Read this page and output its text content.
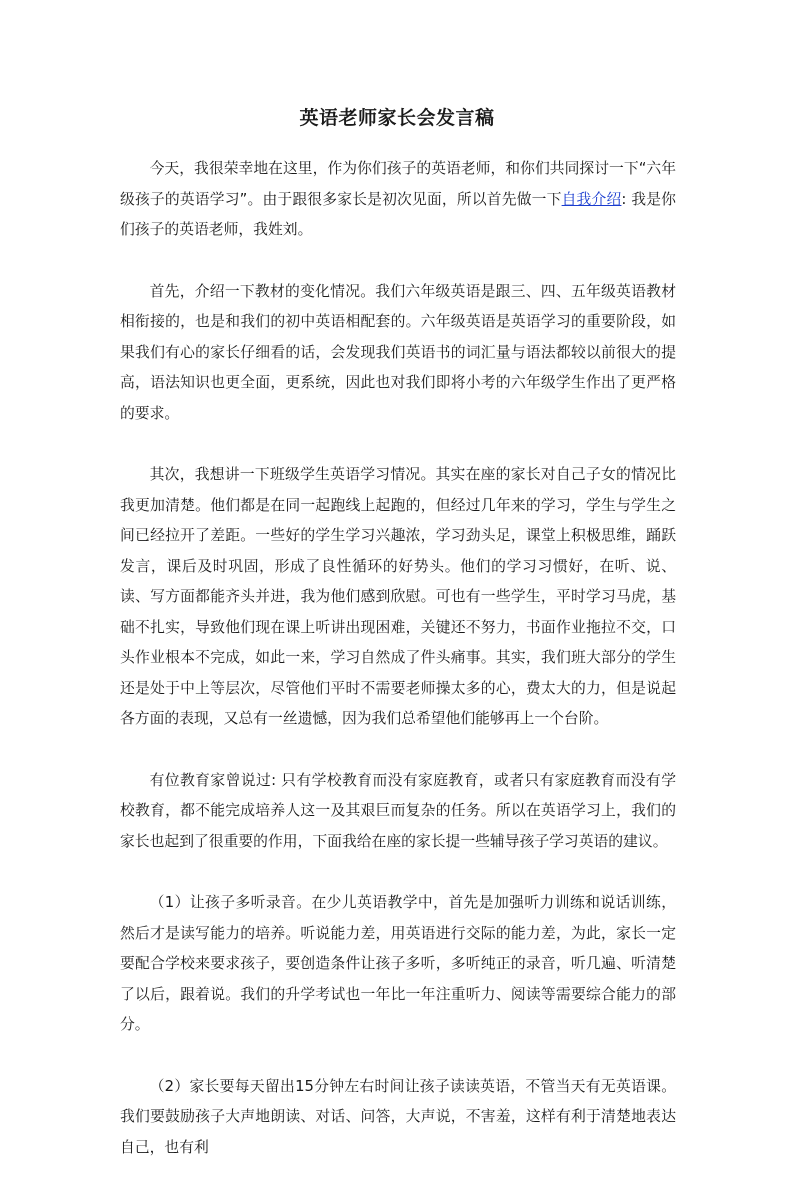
英语老师家长会发言稿

今天，我很荣幸地在这里，作为你们孩子的英语老师，和你们共同探讨一下“六年级孩子的英语学习”。由于跟很多家长是初次见面，所以首先做一下自我介绍: 我是你们孩子的英语老师，我姓刘。

首先，介绍一下教材的变化情况。我们六年级英语是跟三、四、五年级英语教材相衔接的，也是和我们的初中英语相配套的。六年级英语是英语学习的重要阶段，如果我们有心的家长仔细看的话，会发现我们英语书的词汇量与语法都较以前很大的提高，语法知识也更全面，更系统，因此也对我们即将小考的六年级学生作出了更严格的要求。

其次，我想讲一下班级学生英语学习情况。其实在座的家长对自己子女的情况比我更加清楚。他们都是在同一起跑线上起跑的，但经过几年来的学习，学生与学生之间已经拉开了差距。一些好的学生学习兴趣浓，学习劲头足，课堂上积极思维，踊跃发言，课后及时巩固，形成了良性循环的好势头。他们的学习习惯好，在听、说、读、写方面都能齐头并进，我为他们感到欣慰。可也有一些学生，平时学习马虎，基础不扎实，导致他们现在课上听讲出现困难，关键还不努力，书面作业拖拉不交，口头作业根本不完成，如此一来，学习自然成了件头痛事。其实，我们班大部分的学生还是处于中上等层次，尽管他们平时不需要老师操太多的心，费太大的力，但是说起各方面的表现，又总有一丝遗憾，因为我们总希望他们能够再上一个台阶。

有位教育家曾说过: 只有学校教育而没有家庭教育，或者只有家庭教育而没有学校教育，都不能完成培养人这一及其艰巨而复杂的任务。所以在英语学习上，我们的家长也起到了很重要的作用，下面我给在座的家长提一些辅导孩子学习英语的建议。

（1）让孩子多听录音。在少儿英语教学中，首先是加强听力训练和说话训练，然后才是读写能力的培养。听说能力差，用英语进行交际的能力差，为此，家长一定要配合学校来要求孩子，要创造条件让孩子多听，多听纯正的录音，听几遍、听清楚了以后，跟着说。我们的升学考试也一年比一年注重听力、阅读等需要综合能力的部分。

（2）家长要每天留出15分钟左右时间让孩子读读英语，不管当天有无英语课。我们要鼓励孩子大声地朗读、对话、问答，大声说，不害羞，这样有利于清楚地表达自己，也有利
